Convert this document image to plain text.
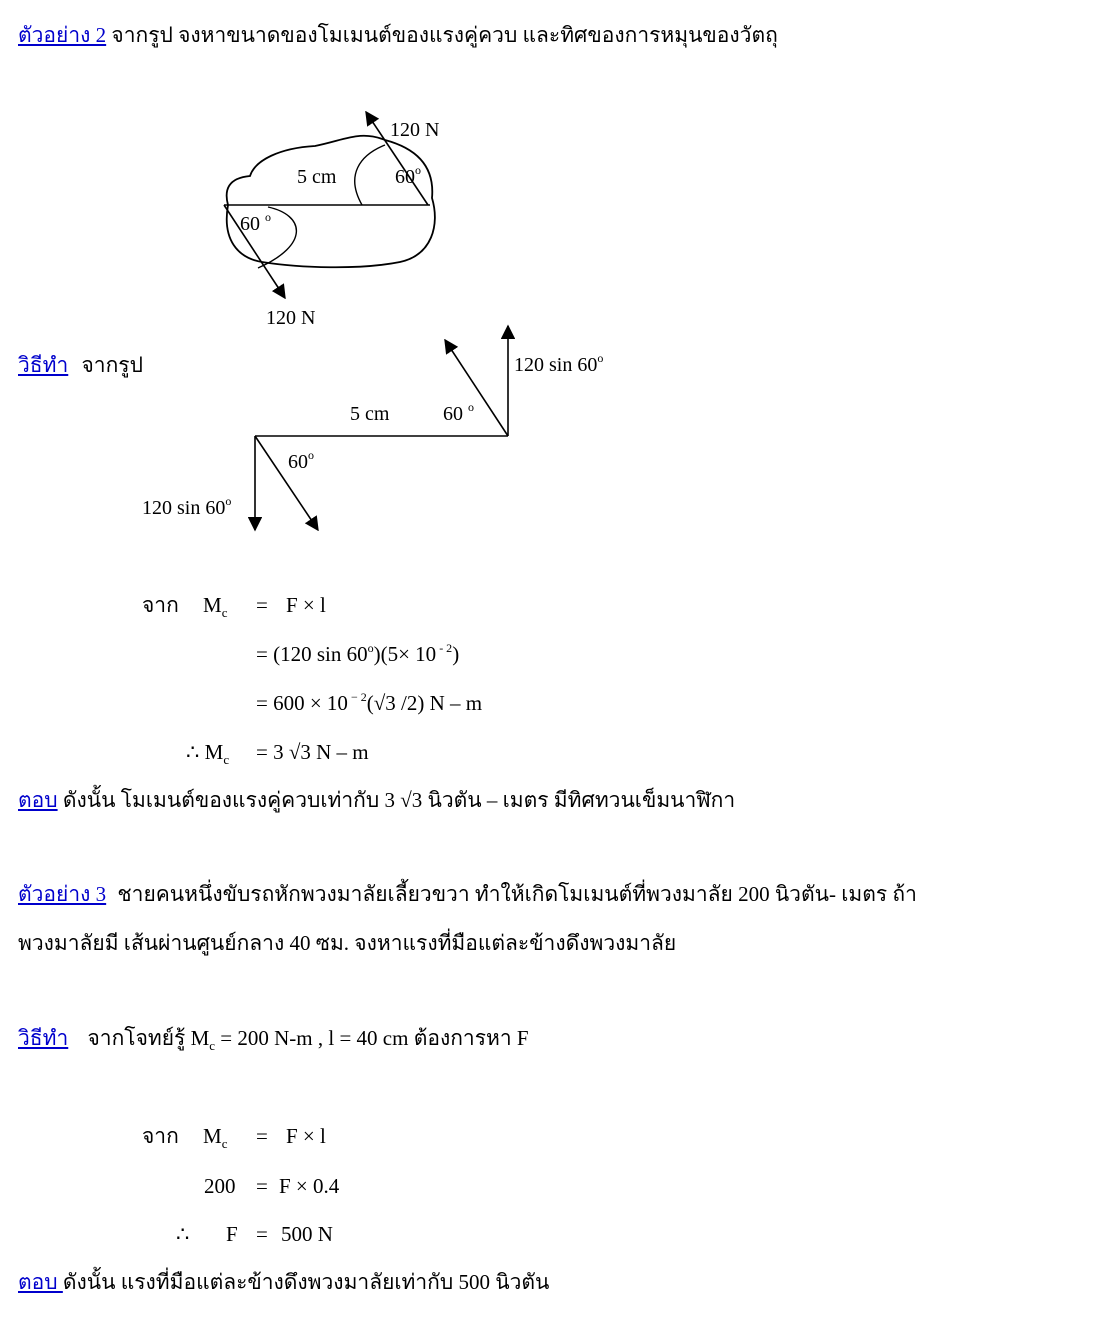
ตัวอย่าง 2 จากรูป จงหาขนาดของโมเมนต์ของแรงคู่ควบ และทิศของการหมุนของวัตถุ
120 N
5 cm	60$^o$
60 $^o$
120 N
วิธีทำ จากรูป	120 sin 60$^o$
5 cm	60 $^o$
60$^o$
120 sin 60$^o$
จาก $M_c = F \times l$
= (120 $\sin 60^o)(5\times 10$ $^{- 2}$)
= 600 × 10 $^{- 2}$(√3 /2) N – m
∴ $M_c = 3$ √3 N – m
ตอบ ดังนั้น โมเมนต์ของแรงคู่ควบเท่ากับ 3 √3 นิวตัน – เมตร มีทิศทวนเข็มนาฬิกา
ตัวอย่าง 3 ชายคนหนึ่งขับรถหักพวงมาลัยเลี้ยวขวา ทำให้เกิดโมเมนต์ที่พวงมาลัย 200 นิวตัน- เมตร ถ้า
พวงมาลัยมี เส้นผ่านศูนย์กลาง 40 ซม. จงหาแรงที่มือแต่ละข้างดึงพวงมาลัย
วิธีทำ จากโจทย์รู้ $M_c = 200$ N-m , l = 40 cm ต้องการหา F
จาก $M_c = F \times l$
200 = F × 0.4
∴ F = 500 N
ตอบ ดังนั้น แรงที่มือแต่ละข้างดึงพวงมาลัยเท่ากับ 500 นิวตัน
